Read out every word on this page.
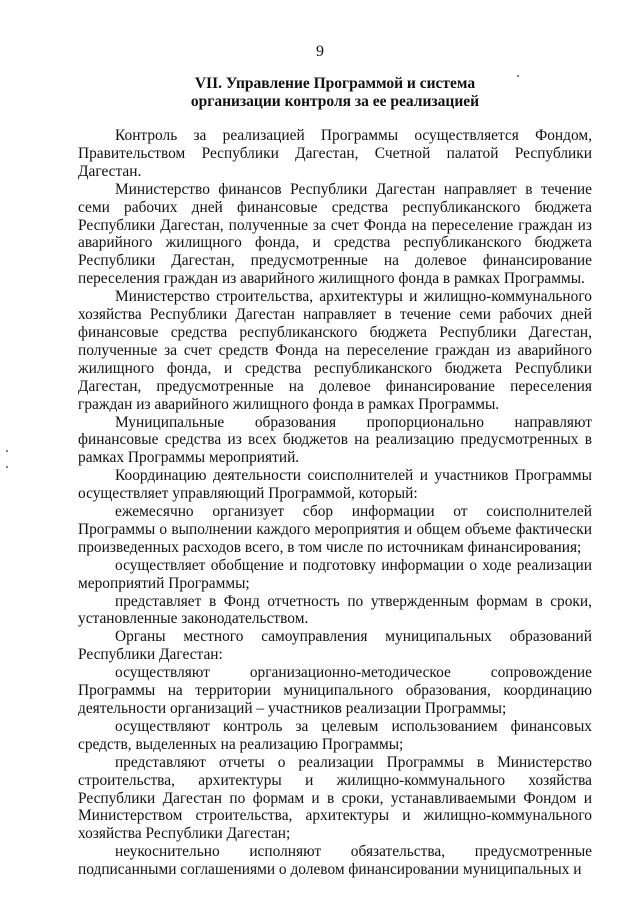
9
VII. Управление Программой и система
организации контроля за ее реализацией

Контроль за реализацией Программы осуществляется Фондом, Правительством Республики Дагестан, Счетной палатой Республики Дагестан.

Министерство финансов Республики Дагестан направляет в течение семи рабочих дней финансовые средства республиканского бюджета Республики Дагестан, полученные за счет Фонда на переселение граждан из аварийного жилищного фонда, и средства республиканского бюджета Республики Дагестан, предусмотренные на долевое финансирование переселения граждан из аварийного жилищного фонда в рамках Программы.

Министерство строительства, архитектуры и жилищно-коммунального хозяйства Республики Дагестан направляет в течение семи рабочих дней финансовые средства республиканского бюджета Республики Дагестан, полученные за счет средств Фонда на переселение граждан из аварийного жилищного фонда, и средства республиканского бюджета Республики Дагестан, предусмотренные на долевое финансирование переселения граждан из аварийного жилищного фонда в рамках Программы.

Муниципальные образования пропорционально направляют финансовые средства из всех бюджетов на реализацию предусмотренных в рамках Программы мероприятий.

Координацию деятельности соисполнителей и участников Программы осуществляет управляющий Программой, который:

ежемесячно организует сбор информации от соисполнителей Программы о выполнении каждого мероприятия и общем объеме фактически произведенных расходов всего, в том числе по источникам финансирования;

осуществляет обобщение и подготовку информации о ходе реализации мероприятий Программы;

представляет в Фонд отчетность по утвержденным формам в сроки, установленные законодательством.

Органы местного самоуправления муниципальных образований Республики Дагестан:

осуществляют организационно-методическое сопровождение Программы на территории муниципального образования, координацию деятельности организаций – участников реализации Программы;

осуществляют контроль за целевым использованием финансовых средств, выделенных на реализацию Программы;

представляют отчеты о реализации Программы в Министерство строительства, архитектуры и жилищно-коммунального хозяйства Республики Дагестан по формам и в сроки, устанавливаемыми Фондом и Министерством строительства, архитектуры и жилищно-коммунального хозяйства Республики Дагестан;

неукоснительно исполняют обязательства, предусмотренные подписанными соглашениями о долевом финансировании муниципальных и
